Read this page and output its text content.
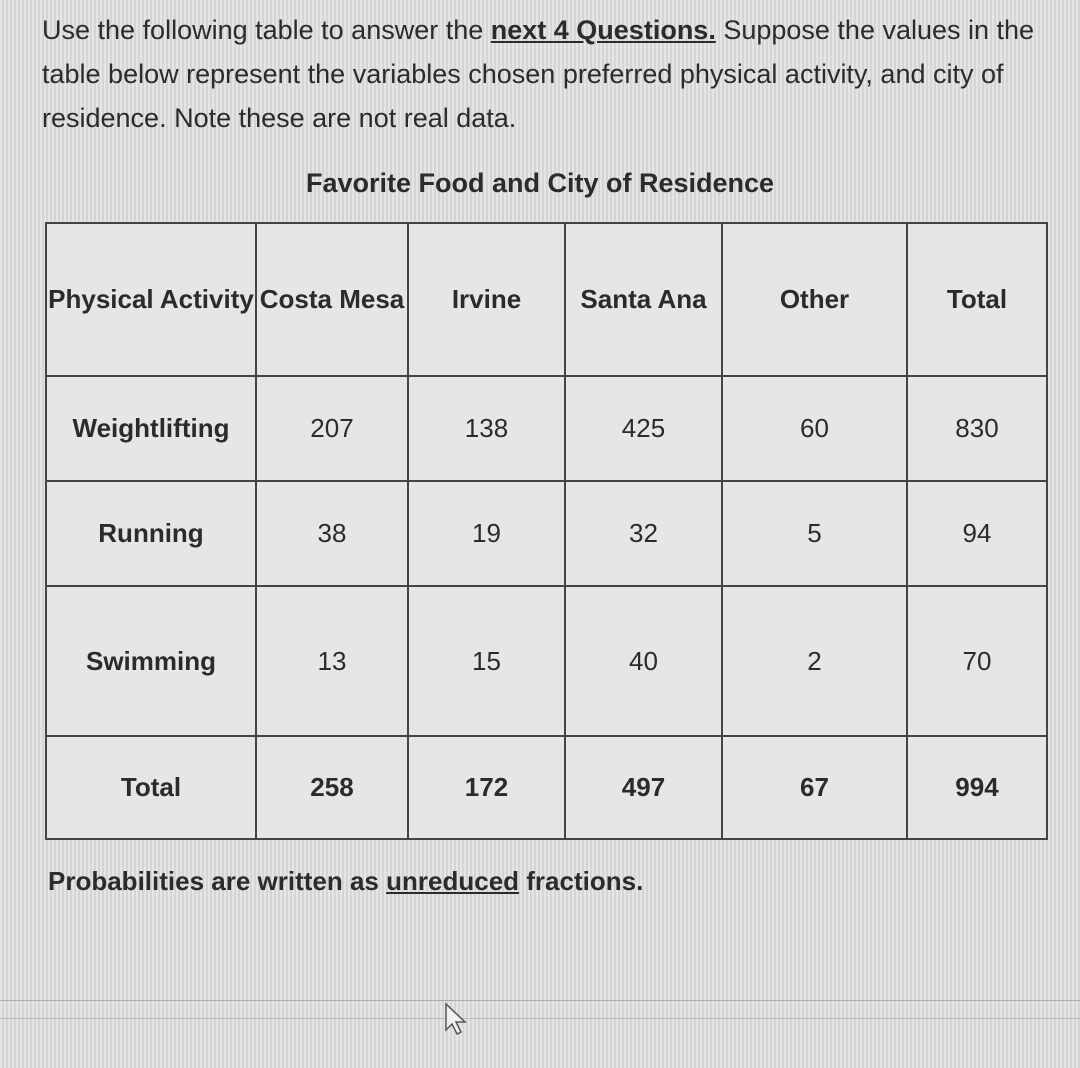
Use the following table to answer the next 4 Questions. Suppose the values in the table below represent the variables chosen preferred physical activity, and city of residence. Note these are not real data.
Favorite Food and City of Residence
Physical Activity	Costa Mesa	Irvine	Santa Ana	Other	Total
Weightlifting	207	138	425	60	830
Running	38	19	32	5	94
Swimming	13	15	40	2	70
Total	258	172	497	67	994
Probabilities are written as unreduced fractions.
